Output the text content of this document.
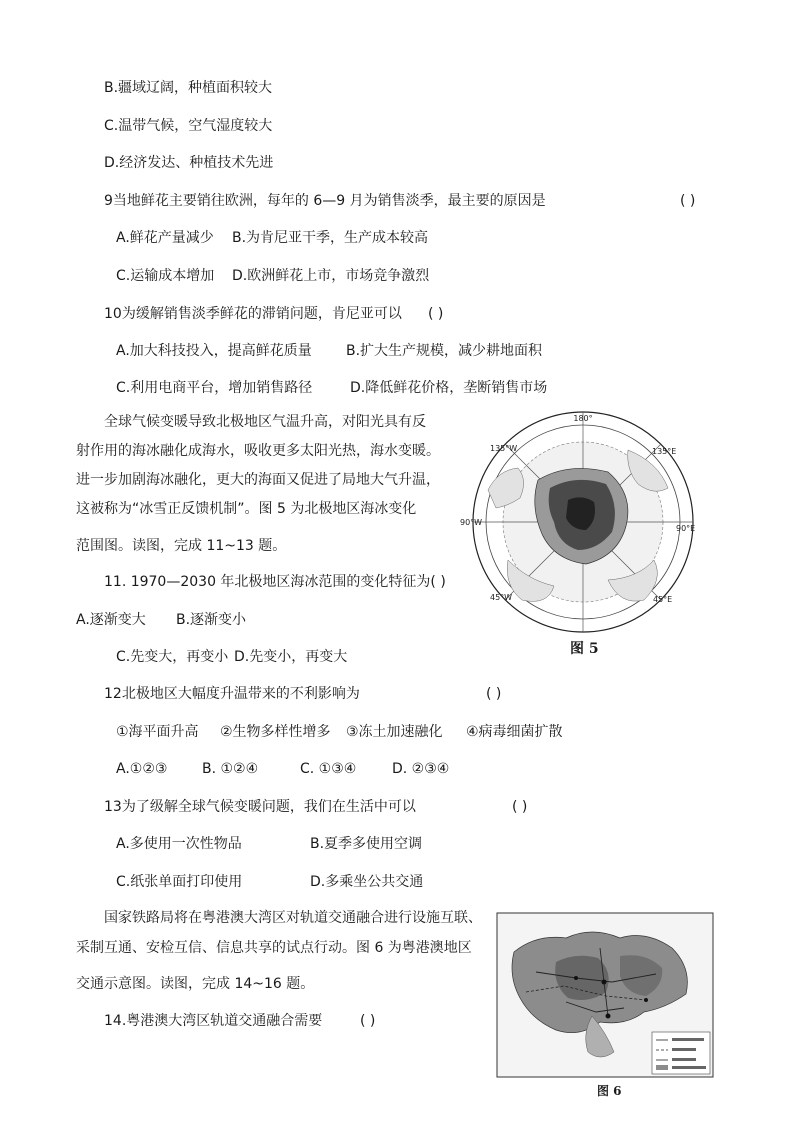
B.疆域辽阔，种植面积较大
C.温带气候，空气湿度较大
D.经济发达、种植技术先进
9当地鲜花主要销往欧洲，每年的 6—9 月为销售淡季，最主要的原因是	( )
A.鲜花产量减少 B.为肯尼亚干季，生产成本较高
C.运输成本增加 D.欧洲鲜花上市，市场竞争激烈
10为缓解销售淡季鲜花的滞销问题，肯尼亚可以 ( )
A.加大科技投入，提高鲜花质量 B.扩大生产规模，减少耕地面积
C.利用电商平台，增加销售路径	D.降低鲜花价格，垄断销售市场
全球气候变暖导致北极地区气温升高，对阳光具有反
射作用的海冰融化成海水，吸收更多太阳光热，海水变暖。
进一步加剧海冰融化，更大的海面又促进了局地大气升温，
这被称为“冰雪正反馈机制”。图 5 为北极地区海冰变化
范围图。读图，完成 11~13 题。
180°
135°W	135°E
90°W
90°E
45°W	45°E
图 5
11. 1970—2030 年北极地区海冰范围的变化特征为( )
A.逐渐变大 B.逐渐变小
C.先变大，再变小 D.先变小，再变大
12北极地区大幅度升温带来的不利影响为	( )
①海平面升高 ②生物多样性增多 ③冻土加速融化 ④病毒细菌扩散
A.①②③ B. ①②④	C. ①③④	D. ②③④
13为了级解全球气候变暖问题，我们在生活中可以	( )
A.多使用一次性物品	B.夏季多使用空调
C.纸张单面打印使用	D.多乘坐公共交通
国家铁路局将在粤港澳大湾区对轨道交通融合进行设施互联、
采制互通、安检互信、信息共享的试点行动。图 6 为粤港澳地区
交通示意图。读图，完成 14~16 题。
14.粤港澳大湾区轨道交通融合需要	( )
图 6
